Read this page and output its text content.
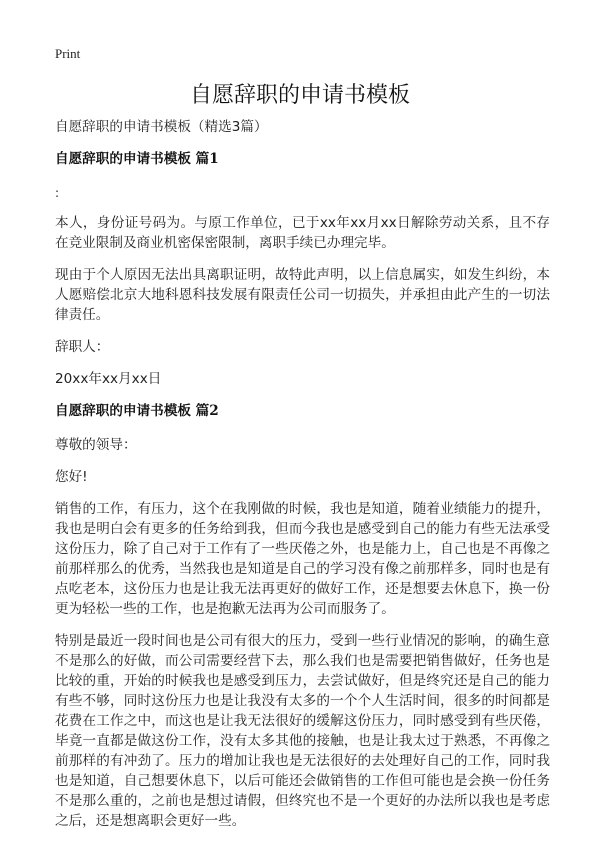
Print
自愿辞职的申请书模板

自愿辞职的申请书模板（精选3篇）

自愿辞职的申请书模板 篇1

:

本人，身份证号码为。与原工作单位，已于xx年xx月xx日解除劳动关系，且不存在竞业限制及商业机密保密限制，离职手续已办理完毕。

现由于个人原因无法出具离职证明，故特此声明，以上信息属实，如发生纠纷，本人愿赔偿北京大地科恩科技发展有限责任公司一切损失，并承担由此产生的一切法律责任。

辞职人：

20xx年xx月xx日

自愿辞职的申请书模板 篇2

尊敬的领导：

您好!

销售的工作，有压力，这个在我刚做的时候，我也是知道，随着业绩能力的提升，我也是明白会有更多的任务给到我，但而今我也是感受到自己的能力有些无法承受这份压力，除了自己对于工作有了一些厌倦之外，也是能力上，自己也是不再像之前那样那么的优秀，当然我也是知道是自己的学习没有像之前那样多，同时也是有点吃老本，这份压力也是让我无法再更好的做好工作，还是想要去休息下，换一份更为轻松一些的工作，也是抱歉无法再为公司而服务了。

特别是最近一段时间也是公司有很大的压力，受到一些行业情况的影响，的确生意不是那么的好做，而公司需要经营下去，那么我们也是需要把销售做好，任务也是比较的重，开始的时候我也是感受到压力，去尝试做好，但是终究还是自己的能力有些不够，同时这份压力也是让我没有太多的一个个人生活时间，很多的时间都是花费在工作之中，而这也是让我无法很好的缓解这份压力，同时感受到有些厌倦，毕竟一直都是做这份工作，没有太多其他的接触，也是让我太过于熟悉，不再像之前那样的有冲劲了。压力的增加让我也是无法很好的去处理好自己的工作，同时我也是知道，自己想要休息下，以后可能还会做销售的工作但可能也是会换一份任务不是那么重的，之前也是想过请假，但终究也不是一个更好的办法所以我也是考虑之后，还是想离职会更好一些。
